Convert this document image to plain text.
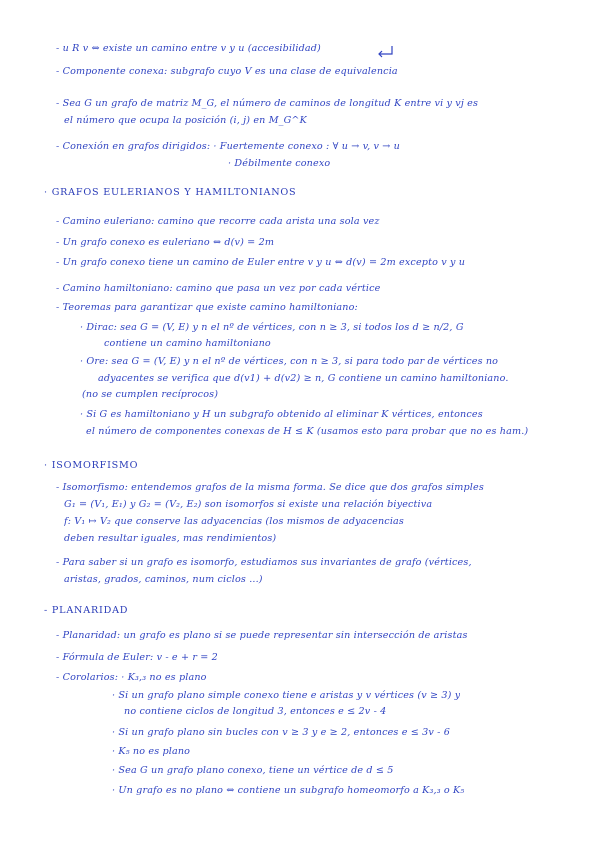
- u R v ⇔ existe un camino entre v y u (accesibilidad)
- Componente conexa: subgrafo cuyo V es una clase de equivalencia
- Sea G un grafo de matriz M_G, el número de caminos de longitud K entre vi y vj es
el número que ocupa la posición (i, j) en M_G^K
- Conexión en grafos dirigidos: · Fuertemente conexo : ∀ u → v, v → u
· Débilmente conexo
· GRAFOS EULERIANOS Y HAMILTONIANOS
- Camino euleriano: camino que recorre cada arista una sola vez
- Un grafo conexo es euleriano ⇔ d(v) = 2m
- Un grafo conexo tiene un camino de Euler entre v y u ⇔ d(v) = 2m excepto v y u
- Camino hamiltoniano: camino que pasa un vez por cada vértice
- Teoremas para garantizar que existe camino hamiltoniano:
· Dirac: sea G = (V, E) y n el nº de vértices, con n ≥ 3, si todos los d ≥ n/2, G
contiene un camino hamiltoniano
· Ore: sea G = (V, E) y n el nº de vértices, con n ≥ 3, si para todo par de vértices no
adyacentes se verifica que d(v1) + d(v2) ≥ n, G contiene un camino hamiltoniano.
(no se cumplen recíprocos)
· Si G es hamiltoniano y H un subgrafo obtenido al eliminar K vértices, entonces
el número de componentes conexas de H ≤ K (usamos esto para probar que no es ham.)
· ISOMORFISMO
- Isomorfismo: entendemos grafos de la misma forma. Se dice que dos grafos simples
G₁ = (V₁, E₁) y G₂ = (V₂, E₂) son isomorfos si existe una relación biyectiva
f: V₁ ↦ V₂ que conserve las adyacencias (los mismos de adyacencias
deben resultar iguales, mas rendimientos)
- Para saber si un grafo es isomorfo, estudiamos sus invariantes de grafo (vértices,
aristas, grados, caminos, num ciclos ...)
- PLANARIDAD
- Planaridad: un grafo es plano si se puede representar sin intersección de aristas
- Fórmula de Euler: v - e + r = 2
- Corolarios: · K₃,₃ no es plano
· Si un grafo plano simple conexo tiene e aristas y v vértices (v ≥ 3) y
no contiene ciclos de longitud 3, entonces e ≤ 2v - 4
· Si un grafo plano sin bucles con v ≥ 3 y e ≥ 2, entonces e ≤ 3v - 6
· K₅ no es plano
· Sea G un grafo plano conexo, tiene un vértice de d ≤ 5
· Un grafo es no plano ⇔ contiene un subgrafo homeomorfo a K₃,₃ o K₅
